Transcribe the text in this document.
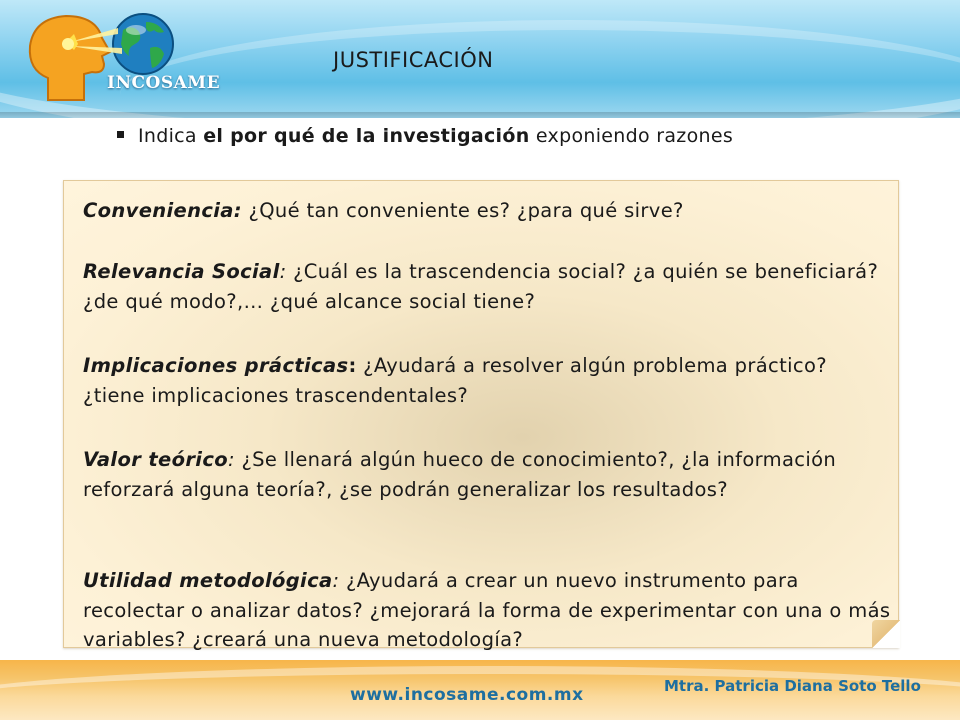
INCOSAME
JUSTIFICACIÓN
Indica el por qué de la investigación exponiendo razones

Conveniencia: ¿Qué tan conveniente es? ¿para qué sirve?

Relevancia Social: ¿Cuál es la trascendencia social? ¿a quién se beneficiará? ¿de qué modo?,… ¿qué alcance social tiene?

Implicaciones prácticas: ¿Ayudará a resolver algún problema práctico? ¿tiene implicaciones trascendentales?

Valor teórico: ¿Se llenará algún hueco de conocimiento?, ¿la información reforzará alguna teoría?, ¿se podrán generalizar los resultados?

Utilidad metodológica: ¿Ayudará a crear un nuevo instrumento para recolectar o analizar datos? ¿mejorará la forma de experimentar con una o más variables? ¿creará una nueva metodología?

www.incosame.com.mx	Mtra. Patricia Diana Soto Tello
